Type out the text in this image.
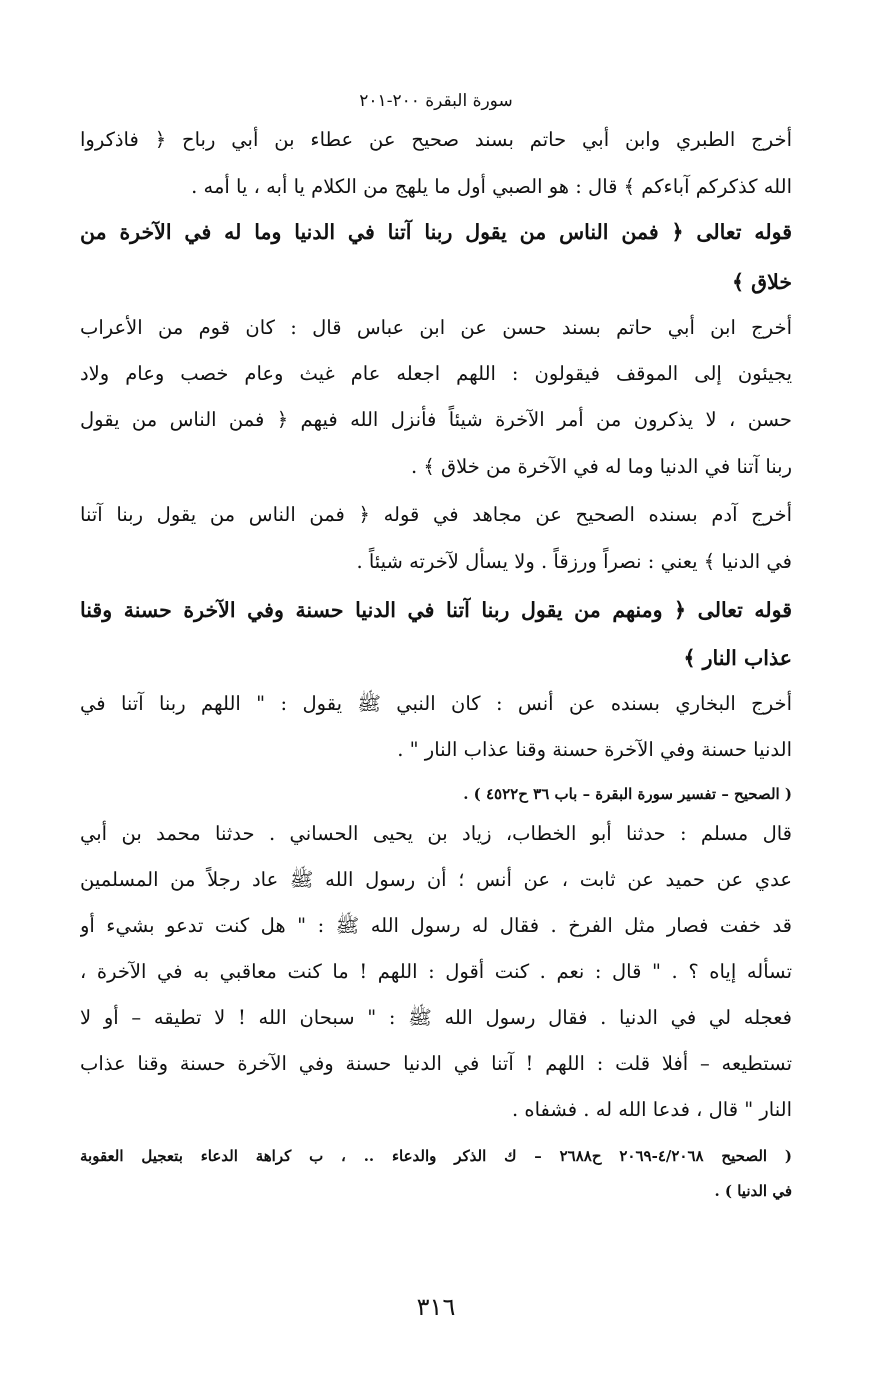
سورة البقرة ٢٠٠-٢٠١
أخرج الطبري وابن أبي حاتم بسند صحيح عن عطاء بن أبي رباح ﴿ فاذكروا
الله كذكركم آباءكم ﴾ قال : هو الصبي أول ما يلهج من الكلام يا أبه ، يا أمه .
قوله تعالى ﴿ فمن الناس من يقول ربنا آتنا في الدنيا وما له في الآخرة من
خلاق ﴾
أخرج ابن أبي حاتم بسند حسن عن ابن عباس قال : كان قوم من الأعراب
يجيئون إلى الموقف فيقولون : اللهم اجعله عام غيث وعام خصب وعام ولاد
حسن ، لا يذكرون من أمر الآخرة شيئاً فأنزل الله فيهم ﴿ فمن الناس من يقول
ربنا آتنا في الدنيا وما له في الآخرة من خلاق ﴾ .
أخرج آدم بسنده الصحيح عن مجاهد في قوله ﴿ فمن الناس من يقول ربنا آتنا
في الدنيا ﴾ يعني : نصراً ورزقاً . ولا يسأل لآخرته شيئاً .
قوله تعالى ﴿ ومنهم من يقول ربنا آتنا في الدنيا حسنة وفي الآخرة حسنة وقنا
عذاب النار ﴾
أخرج البخاري بسنده عن أنس : كان النبي ﷺ يقول : " اللهم ربنا آتنا في
الدنيا حسنة وفي الآخرة حسنة وقنا عذاب النار " .
( الصحيح – تفسير سورة البقرة – باب ٣٦ ح٤٥٢٢ ) .
قال مسلم : حدثنا أبو الخطاب، زياد بن يحيى الحساني . حدثنا محمد بن أبي
عدي عن حميد عن ثابت ، عن أنس ؛ أن رسول الله ﷺ عاد رجلاً من المسلمين
قد خفت فصار مثل الفرخ . فقال له رسول الله ﷺ : " هل كنت تدعو بشيء أو
تسأله إياه ؟ . " قال : نعم . كنت أقول : اللهم ! ما كنت معاقبي به في الآخرة ،
فعجله لي في الدنيا . فقال رسول الله ﷺ : " سبحان الله ! لا تطيقه – أو لا
تستطيعه – أفلا قلت : اللهم ! آتنا في الدنيا حسنة وفي الآخرة حسنة وقنا عذاب
النار " قال ، فدعا الله له . فشفاه .
( الصحيح ٤/٢٠٦٨-٢٠٦٩ ح٢٦٨٨ – ك الذكر والدعاء .. ، ب كراهة الدعاء بتعجيل العقوبة
في الدنيا ) .
٣١٦
